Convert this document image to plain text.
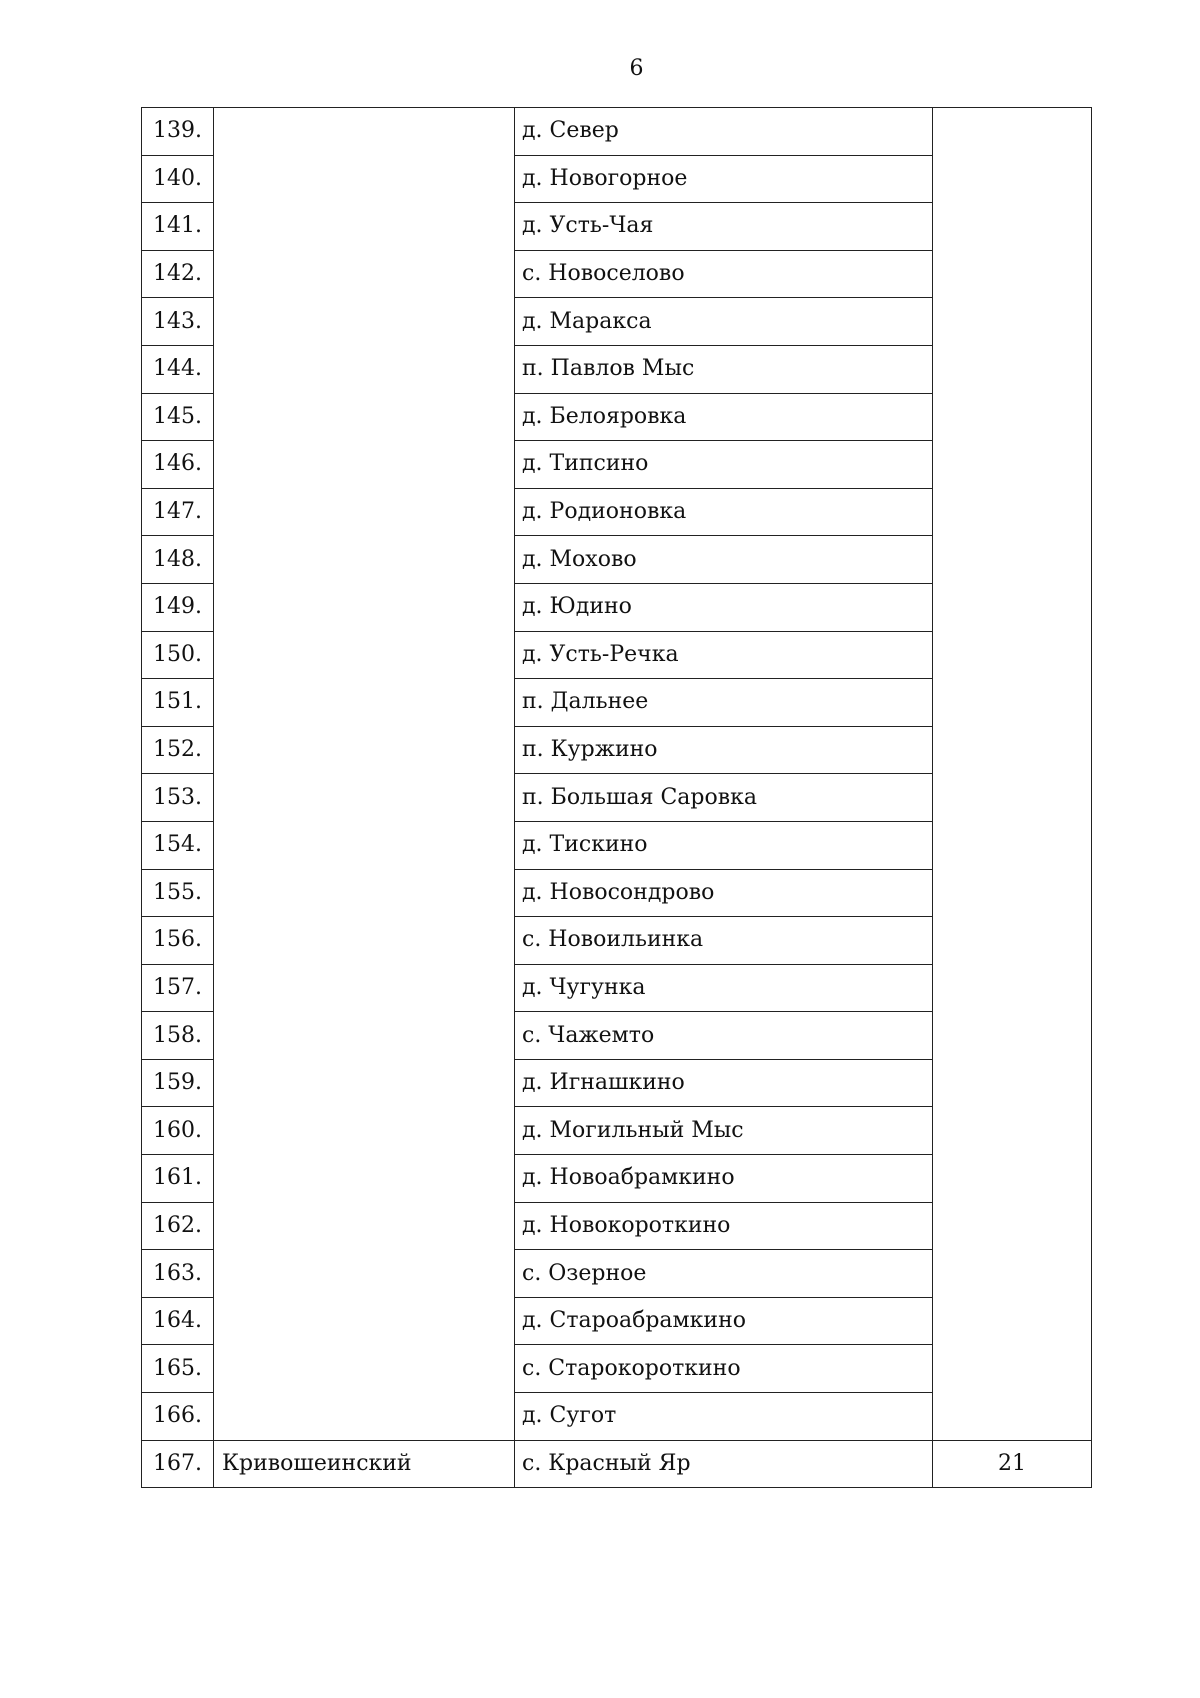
6
139.		д. Север	
140.		д. Новогорное	
141.		д. Усть-Чая	
142.		с. Новоселово	
143.		д. Маракса	
144.		п. Павлов Мыс	
145.		д. Белояровка	
146.		д. Типсино	
147.		д. Родионовка	
148.		д. Мохово	
149.		д. Юдино	
150.		д. Усть-Речка	
151.		п. Дальнее	
152.		п. Куржино	
153.		п. Большая Саровка	
154.		д. Тискино	
155.		д. Новосондрово	
156.		с. Новоильинка	
157.		д. Чугунка	
158.		с. Чажемто	
159.		д. Игнашкино	
160.		д. Могильный Мыс	
161.		д. Новоабрамкино	
162.		д. Новокороткино	
163.		с. Озерное	
164.		д. Староабрамкино	
165.		с. Старокороткино	
166.		д. Сугот	
167.	Кривошеинский	с. Красный Яр	21
